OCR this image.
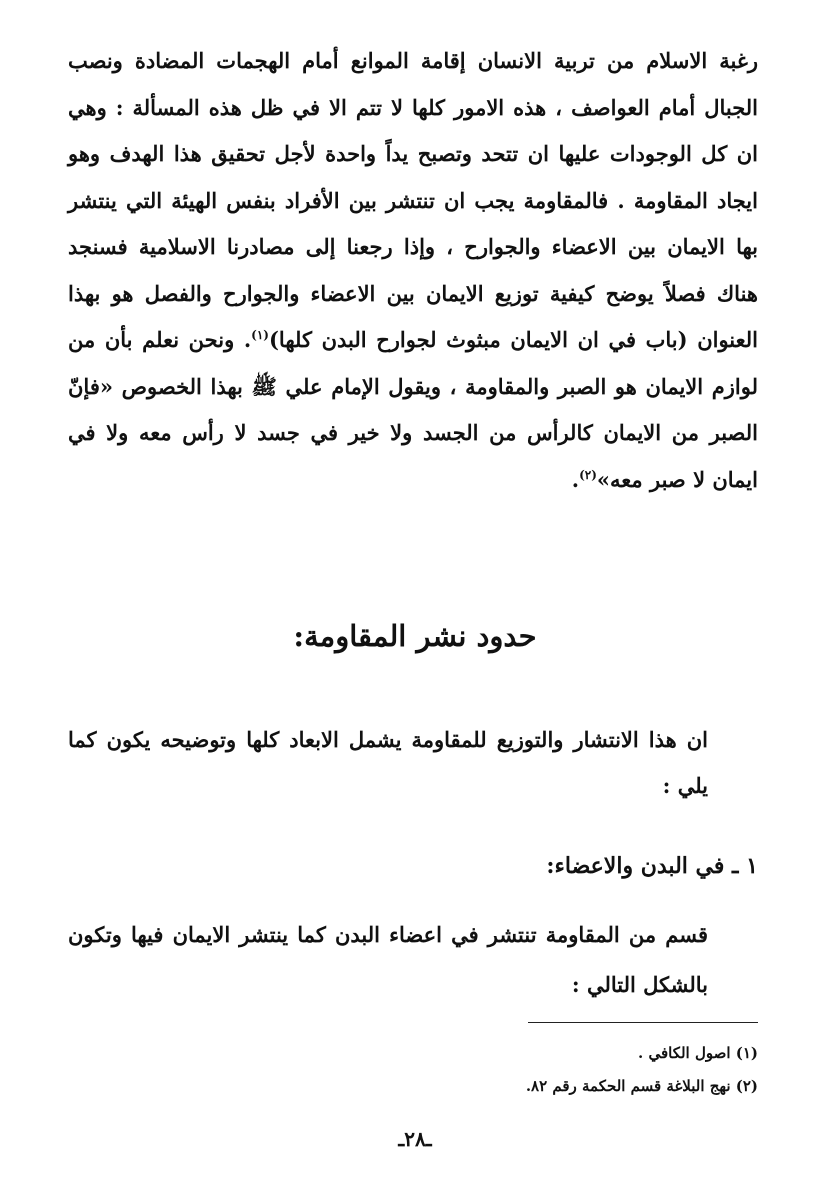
رغبة الاسلام من تربية الانسان إقامة الموانع أمام الهجمات المضادة ونصب الجبال أمام العواصف ، هذه الامور كلها لا تتم الا في ظل هذه المسألة : وهي ان كل الوجودات عليها ان تتحد وتصبح يداً واحدة لأجل تحقيق هذا الهدف وهو ايجاد المقاومة . فالمقاومة يجب ان تنتشر بين الأفراد بنفس الهيئة التي ينتشر بها الايمان بين الاعضاء والجوارح ، وإذا رجعنا إلى مصادرنا الاسلامية فسنجد هناك فصلاً يوضح كيفية توزيع الايمان بين الاعضاء والجوارح والفصل هو بهذا العنوان (باب في ان الايمان مبثوث لجوارح البدن كلها)$^{(١)}$. ونحن نعلم بأن من لوازم الايمان هو الصبر والمقاومة ، ويقول الإمام علي ﷺ بهذا الخصوص «فإنّ الصبر من الايمان كالرأس من الجسد ولا خير في جسد لا رأس معه ولا في ايمان لا صبر معه»$^{(٢)}$.

حدود نشر المقاومة:

ان هذا الانتشار والتوزيع للمقاومة يشمل الابعاد كلها وتوضيحه يكون كما يلي :

١ ـ في البدن والاعضاء:

قسم من المقاومة تنتشر في اعضاء البدن كما ينتشر الايمان فيها وتكون بالشكل التالي :

(١) اصول الكافي .

(٢) نهج البلاغة قسم الحكمة رقم ٨٢.

ـ٢٨ـ
